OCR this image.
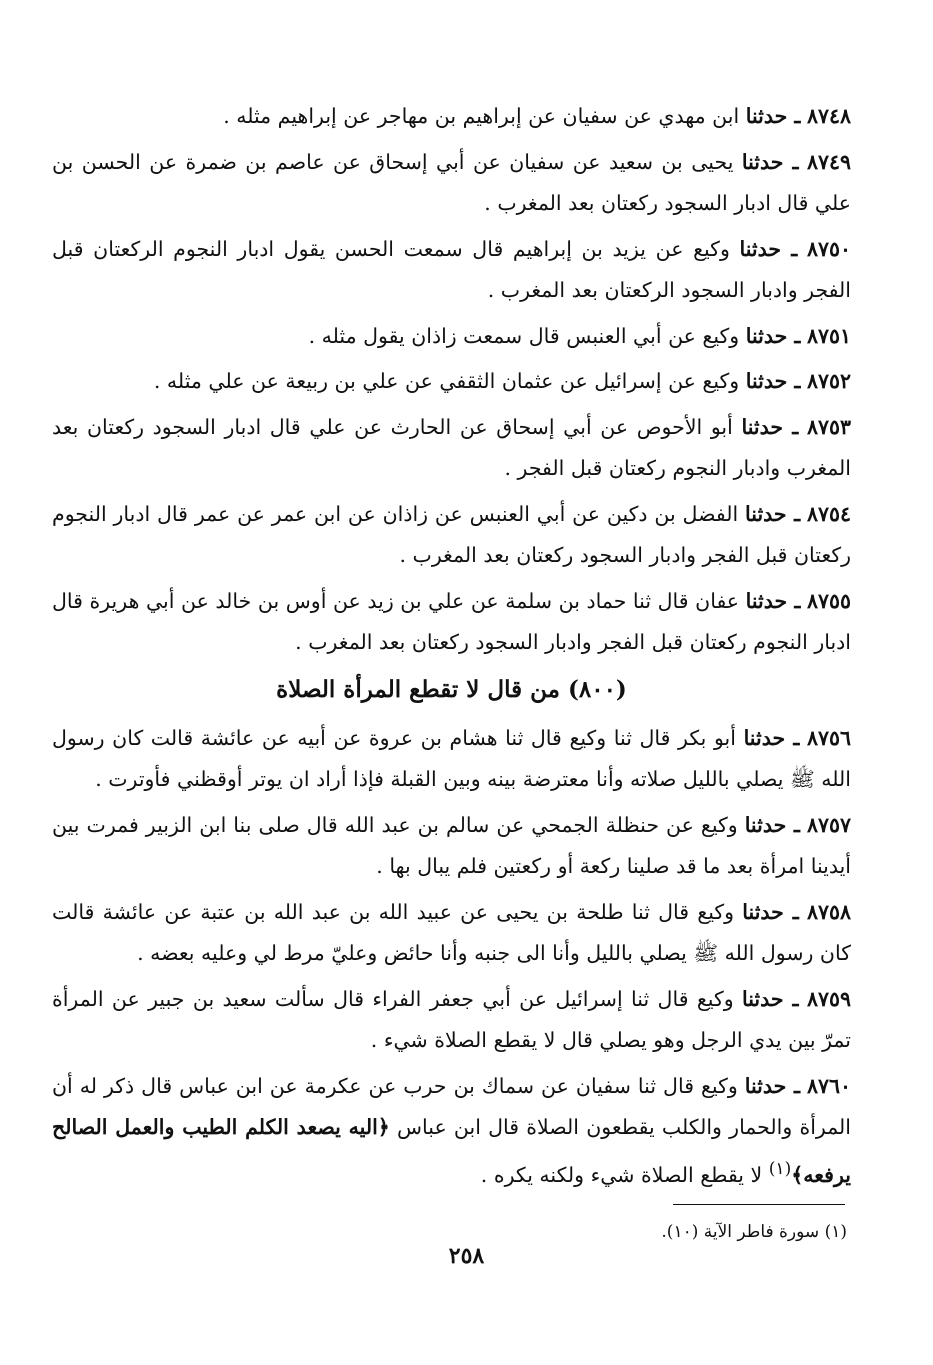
٨٧٤٨ ـ حدثنا ابن مهدي عن سفيان عن إبراهيم بن مهاجر عن إبراهيم مثله .

٨٧٤٩ ـ حدثنا يحيى بن سعيد عن سفيان عن أبي إسحاق عن عاصم بن ضمرة عن الحسن بن علي قال ادبار السجود ركعتان بعد المغرب .

٨٧٥٠ ـ حدثنا وكيع عن يزيد بن إبراهيم قال سمعت الحسن يقول ادبار النجوم الركعتان قبل الفجر وادبار السجود الركعتان بعد المغرب .

٨٧٥١ ـ حدثنا وكيع عن أبي العنبس قال سمعت زاذان يقول مثله .

٨٧٥٢ ـ حدثنا وكيع عن إسرائيل عن عثمان الثقفي عن علي بن ربيعة عن علي مثله .

٨٧٥٣ ـ حدثنا أبو الأحوص عن أبي إسحاق عن الحارث عن علي قال ادبار السجود ركعتان بعد المغرب وادبار النجوم ركعتان قبل الفجر .

٨٧٥٤ ـ حدثنا الفضل بن دكين عن أبي العنبس عن زاذان عن ابن عمر عن عمر قال ادبار النجوم ركعتان قبل الفجر وادبار السجود ركعتان بعد المغرب .

٨٧٥٥ ـ حدثنا عفان قال ثنا حماد بن سلمة عن علي بن زيد عن أوس بن خالد عن أبي هريرة قال ادبار النجوم ركعتان قبل الفجر وادبار السجود ركعتان بعد المغرب .

(٨٠٠) من قال لا تقطع المرأة الصلاة

٨٧٥٦ ـ حدثنا أبو بكر قال ثنا وكيع قال ثنا هشام بن عروة عن أبيه عن عائشة قالت كان رسول الله ﷺ يصلي بالليل صلاته وأنا معترضة بينه وبين القبلة فإذا أراد ان يوتر أوقظني فأوترت .

٨٧٥٧ ـ حدثنا وكيع عن حنظلة الجمحي عن سالم بن عبد الله قال صلى بنا ابن الزبير فمرت بين أيدينا امرأة بعد ما قد صلينا ركعة أو ركعتين فلم يبال بها .

٨٧٥٨ ـ حدثنا وكيع قال ثنا طلحة بن يحيى عن عبيد الله بن عبد الله بن عتبة عن عائشة قالت كان رسول الله ﷺ يصلي بالليل وأنا الى جنبه وأنا حائض وعليّ مرط لي وعليه بعضه .

٨٧٥٩ ـ حدثنا وكيع قال ثنا إسرائيل عن أبي جعفر الفراء قال سألت سعيد بن جبير عن المرأة تمرّ بين يدي الرجل وهو يصلي قال لا يقطع الصلاة شيء .

٨٧٦٠ ـ حدثنا وكيع قال ثنا سفيان عن سماك بن حرب عن عكرمة عن ابن عباس قال ذكر له أن المرأة والحمار والكلب يقطعون الصلاة قال ابن عباس ﴿اليه يصعد الكلم الطيب والعمل الصالح يرفعه﴾$^{(١)}$ لا يقطع الصلاة شيء ولكنه يكره .

(١) سورة فاطر الآية (١٠).
٢٥٨
